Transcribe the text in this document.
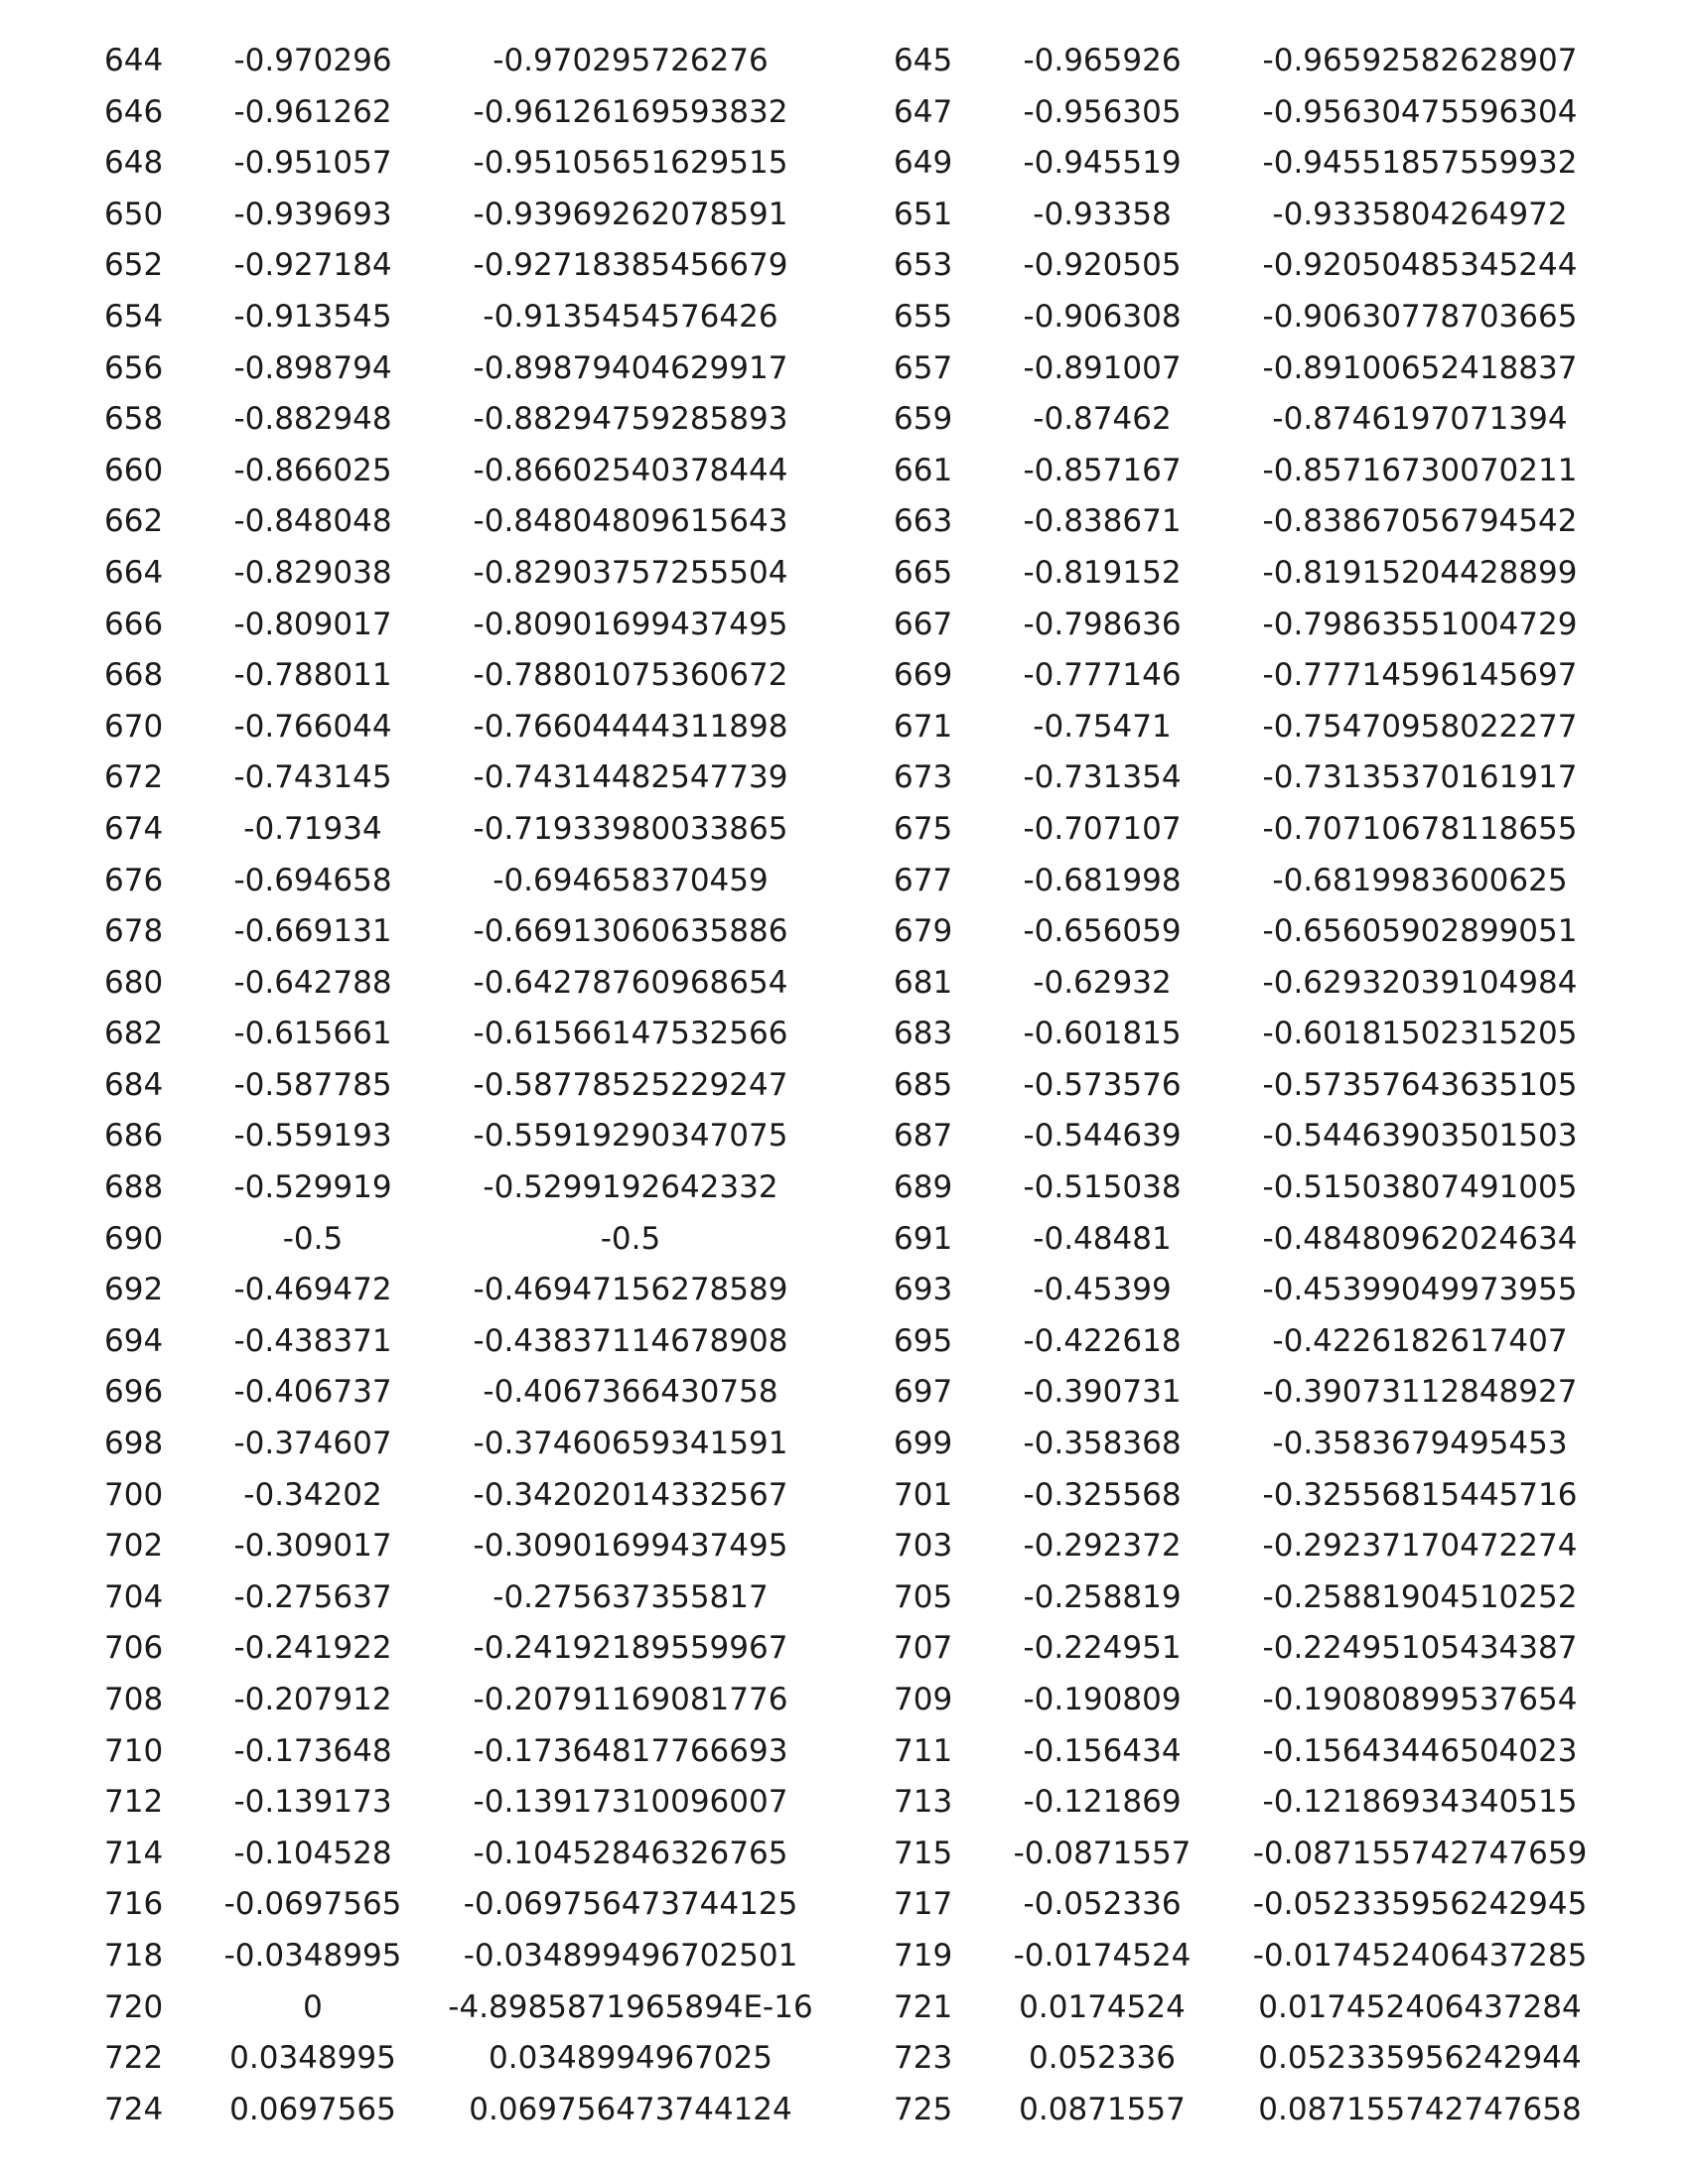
644	-0.970296	-0.970295726276	645	-0.965926	-0.96592582628907
646	-0.961262	-0.96126169593832	647	-0.956305	-0.95630475596304
648	-0.951057	-0.95105651629515	649	-0.945519	-0.94551857559932
650	-0.939693	-0.93969262078591	651	-0.93358	-0.9335804264972
652	-0.927184	-0.92718385456679	653	-0.920505	-0.92050485345244
654	-0.913545	-0.9135454576426	655	-0.906308	-0.90630778703665
656	-0.898794	-0.89879404629917	657	-0.891007	-0.89100652418837
658	-0.882948	-0.88294759285893	659	-0.87462	-0.8746197071394
660	-0.866025	-0.86602540378444	661	-0.857167	-0.85716730070211
662	-0.848048	-0.84804809615643	663	-0.838671	-0.83867056794542
664	-0.829038	-0.82903757255504	665	-0.819152	-0.81915204428899
666	-0.809017	-0.80901699437495	667	-0.798636	-0.79863551004729
668	-0.788011	-0.78801075360672	669	-0.777146	-0.77714596145697
670	-0.766044	-0.76604444311898	671	-0.75471	-0.75470958022277
672	-0.743145	-0.74314482547739	673	-0.731354	-0.73135370161917
674	-0.71934	-0.71933980033865	675	-0.707107	-0.70710678118655
676	-0.694658	-0.694658370459	677	-0.681998	-0.6819983600625
678	-0.669131	-0.66913060635886	679	-0.656059	-0.65605902899051
680	-0.642788	-0.64278760968654	681	-0.62932	-0.62932039104984
682	-0.615661	-0.61566147532566	683	-0.601815	-0.60181502315205
684	-0.587785	-0.58778525229247	685	-0.573576	-0.57357643635105
686	-0.559193	-0.55919290347075	687	-0.544639	-0.54463903501503
688	-0.529919	-0.5299192642332	689	-0.515038	-0.51503807491005
690	-0.5	-0.5	691	-0.48481	-0.48480962024634
692	-0.469472	-0.46947156278589	693	-0.45399	-0.45399049973955
694	-0.438371	-0.43837114678908	695	-0.422618	-0.4226182617407
696	-0.406737	-0.4067366430758	697	-0.390731	-0.39073112848927
698	-0.374607	-0.37460659341591	699	-0.358368	-0.3583679495453
700	-0.34202	-0.34202014332567	701	-0.325568	-0.32556815445716
702	-0.309017	-0.30901699437495	703	-0.292372	-0.29237170472274
704	-0.275637	-0.275637355817	705	-0.258819	-0.25881904510252
706	-0.241922	-0.24192189559967	707	-0.224951	-0.22495105434387
708	-0.207912	-0.20791169081776	709	-0.190809	-0.19080899537654
710	-0.173648	-0.17364817766693	711	-0.156434	-0.15643446504023
712	-0.139173	-0.13917310096007	713	-0.121869	-0.12186934340515
714	-0.104528	-0.10452846326765	715	-0.0871557	-0.087155742747659
716	-0.0697565	-0.069756473744125	717	-0.052336	-0.052335956242945
718	-0.0348995	-0.034899496702501	719	-0.0174524	-0.017452406437285
720	0	-4.8985871965894E-16	721	0.0174524	0.017452406437284
722	0.0348995	0.0348994967025	723	0.052336	0.052335956242944
724	0.0697565	0.069756473744124	725	0.0871557	0.087155742747658
